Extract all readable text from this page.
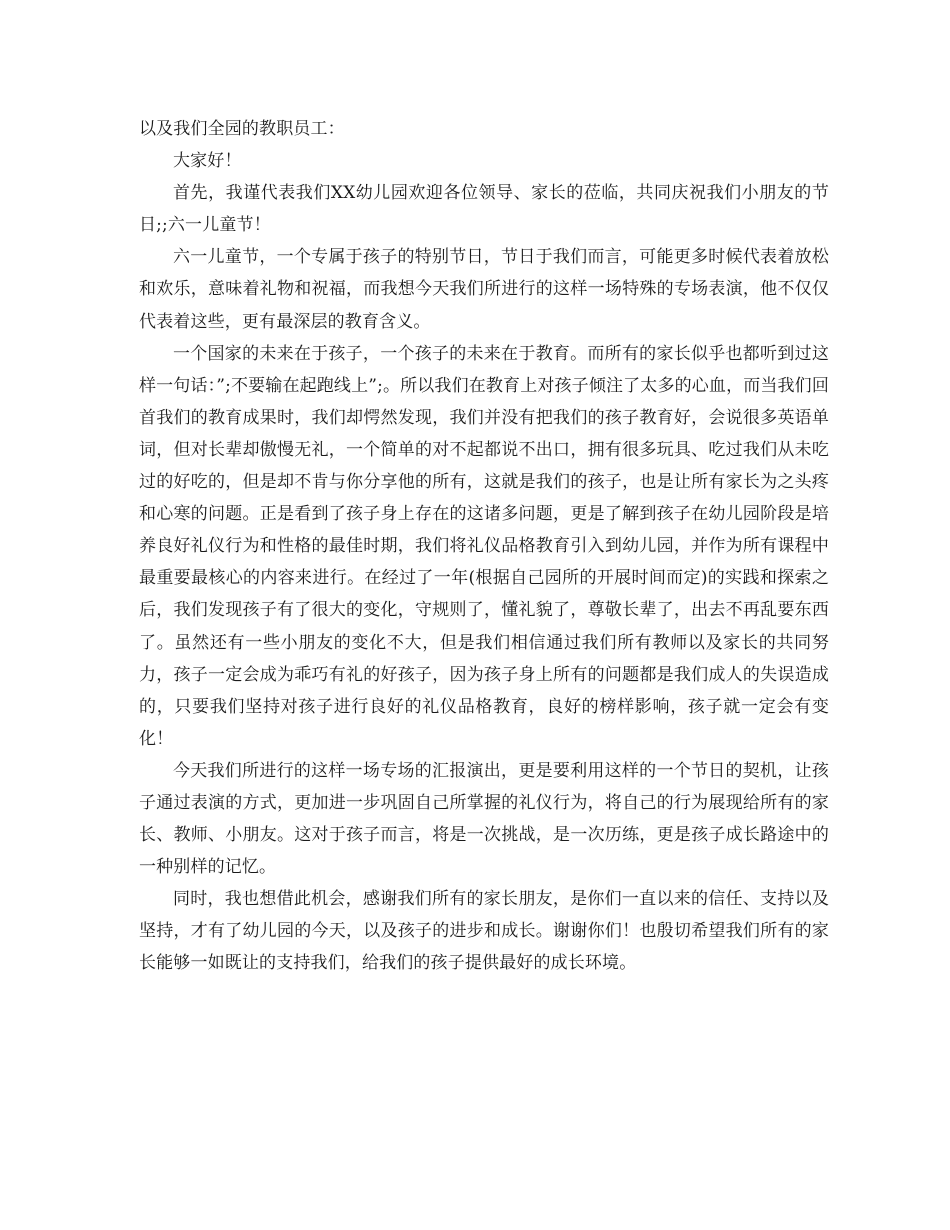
以及我们全园的教职员工：

大家好！

首先，我谨代表我们XX幼儿园欢迎各位领导、家长的莅临，共同庆祝我们小朋友的节日;;六一儿童节！

六一儿童节，一个专属于孩子的特别节日，节日于我们而言，可能更多时候代表着放松和欢乐，意味着礼物和祝福，而我想今天我们所进行的这样一场特殊的专场表演，他不仅仅代表着这些，更有最深层的教育含义。

一个国家的未来在于孩子，一个孩子的未来在于教育。而所有的家长似乎也都听到过这样一句话：”;不要输在起跑线上”;。所以我们在教育上对孩子倾注了太多的心血，而当我们回首我们的教育成果时，我们却愕然发现，我们并没有把我们的孩子教育好，会说很多英语单词，但对长辈却傲慢无礼，一个简单的对不起都说不出口，拥有很多玩具、吃过我们从未吃过的好吃的，但是却不肯与你分享他的所有，这就是我们的孩子，也是让所有家长为之头疼和心寒的问题。正是看到了孩子身上存在的这诸多问题，更是了解到孩子在幼儿园阶段是培养良好礼仪行为和性格的最佳时期，我们将礼仪品格教育引入到幼儿园，并作为所有课程中最重要最核心的内容来进行。在经过了一年(根据自己园所的开展时间而定)的实践和探索之后，我们发现孩子有了很大的变化，守规则了，懂礼貌了，尊敬长辈了，出去不再乱要东西了。虽然还有一些小朋友的变化不大，但是我们相信通过我们所有教师以及家长的共同努力，孩子一定会成为乖巧有礼的好孩子，因为孩子身上所有的问题都是我们成人的失误造成的，只要我们坚持对孩子进行良好的礼仪品格教育，良好的榜样影响，孩子就一定会有变化！

今天我们所进行的这样一场专场的汇报演出，更是要利用这样的一个节日的契机，让孩子通过表演的方式，更加进一步巩固自己所掌握的礼仪行为，将自己的行为展现给所有的家长、教师、小朋友。这对于孩子而言，将是一次挑战，是一次历练，更是孩子成长路途中的一种别样的记忆。

同时，我也想借此机会，感谢我们所有的家长朋友，是你们一直以来的信任、支持以及坚持，才有了幼儿园的今天，以及孩子的进步和成长。谢谢你们！也殷切希望我们所有的家长能够一如既让的支持我们，给我们的孩子提供最好的成长环境。
